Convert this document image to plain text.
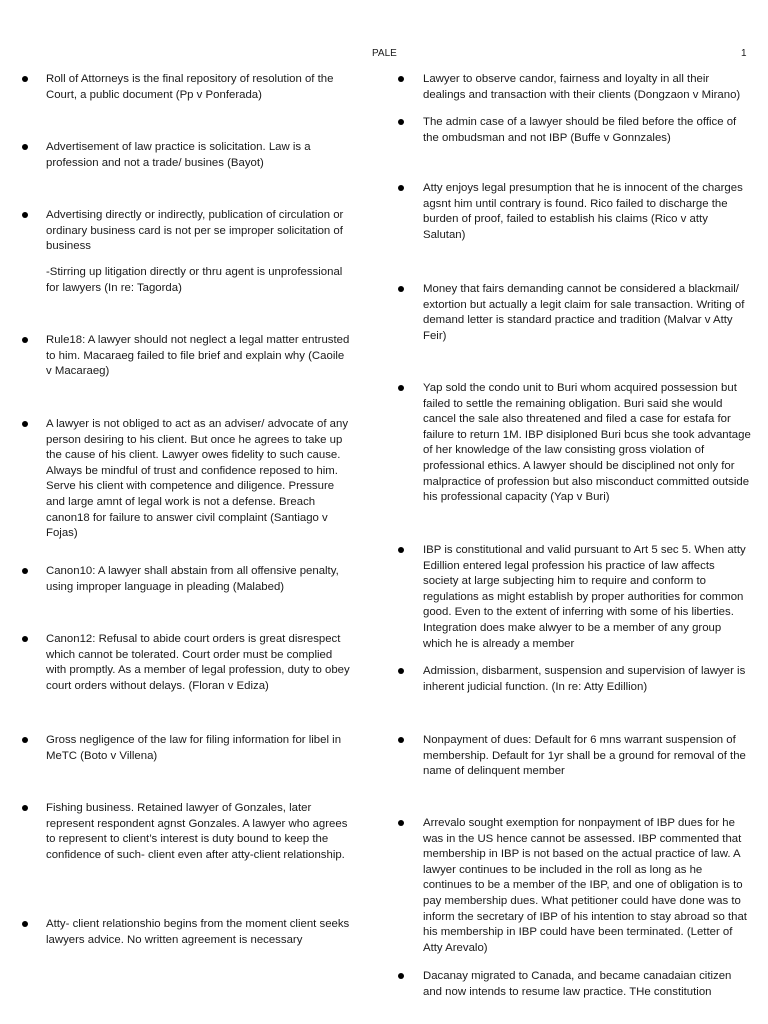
PALE	1
Roll of Attorneys is the final repository of resolution of the Court, a public document (Pp v Ponferada)
Advertisement of law practice is solicitation. Law is a profession and not a trade/ busines (Bayot)
Advertising directly or indirectly, publication of circulation or ordinary business card is not per se improper solicitation of business
-Stirring up litigation directly or thru agent is unprofessional for lawyers (In re: Tagorda)
Rule18: A lawyer should not neglect a legal matter entrusted to him. Macaraeg failed to file brief and explain why (Caoile v Macaraeg)
A lawyer is not obliged to act as an adviser/ advocate of any person desiring to his client. But once he agrees to take up the cause of his client. Lawyer owes fidelity to such cause. Always be mindful of trust and confidence reposed to him. Serve his client with competence and diligence. Pressure and large amnt of legal work is not a defense. Breach canon18 for failure to answer civil complaint (Santiago v Fojas)
Canon10: A lawyer shall abstain from all offensive penalty, using improper language in pleading (Malabed)
Canon12: Refusal to abide court orders is great disrespect which cannot be tolerated. Court order must be complied with promptly. As a member of legal profession, duty to obey court orders without delays. (Floran v Ediza)
Gross negligence of the law for filing information for libel in MeTC (Boto v Villena)
Fishing business. Retained lawyer of Gonzales, later represent respondent agnst Gonzales. A lawyer who agrees to represent to client’s interest is duty bound to keep the confidence of such- client even after atty-client relationship.
Atty- client relationshio begins from the moment client seeks lawyers advice. No written agreement is necessary
Lawyer to observe candor, fairness and loyalty in all their dealings and transaction with their clients (Dongzaon v Mirano)
The admin case of a lawyer should be filed before the office of the ombudsman and not IBP (Buffe v Gonnzales)
Atty enjoys legal presumption that he is innocent of the charges agsnt him until contrary is found. Rico failed to discharge the burden of proof, failed to establish his claims (Rico v atty Salutan)
Money that fairs demanding cannot be considered a blackmail/ extortion but actually a legit claim for sale transaction. Writing of demand letter is standard practice and tradition (Malvar v Atty Feir)
Yap sold the condo unit to Buri whom acquired possession but failed to settle the remaining obligation. Buri said she would cancel the sale also threatened and filed a case for estafa for failure to return 1M. IBP disiploned Buri bcus she took advantage of her knowledge of the law consisting gross violation of professional ethics. A lawyer should be disciplined not only for malpractice of profession but also misconduct committed outside his professional capacity (Yap v Buri)
IBP is constitutional and valid pursuant to Art 5 sec 5. When atty Edillion entered legal profession his practice of law affects society at large subjecting him to require and conform to regulations as might establish by proper authorities for common good. Even to the extent of inferring with some of his liberties. Integration does make alwyer to be a member of any group which he is already a member
Admission, disbarment, suspension and supervision of lawyer is inherent judicial function. (In re: Atty Edillion)
Nonpayment of dues: Default for 6 mns warrant suspension of membership. Default for 1yr shall be a ground for removal of the name of delinquent member
Arrevalo sought exemption for nonpayment of IBP dues for he was in the US hence cannot be assessed. IBP commented that membership in IBP is not based on the actual practice of law. A lawyer continues to be included in the roll as long as he continues to be a member of the IBP, and one of obligation is to pay membership dues. What petitioner could have done was to inform the secretary of IBP of his intention to stay abroad so that his membership in IBP could have been terminated. (Letter of Atty Arevalo)
Dacanay migrated to Canada, and became canadaian citizen and now intends to resume law practice. THe constitution
